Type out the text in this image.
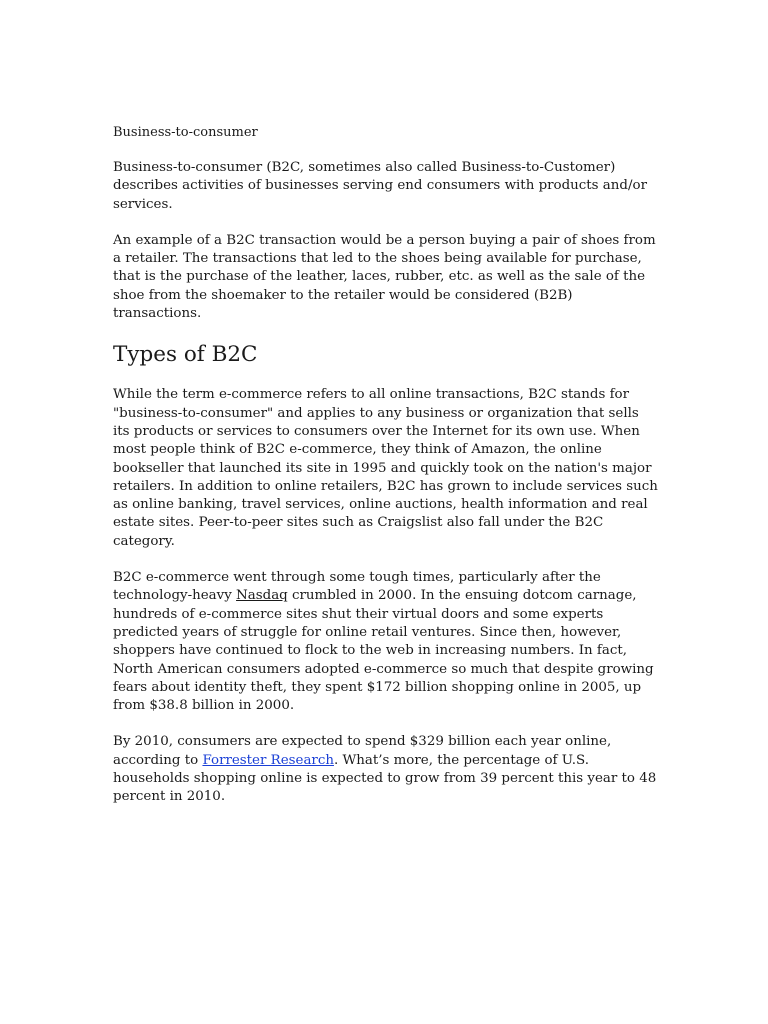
Business-to-consumer

Business-to-consumer (B2C, sometimes also called Business-to-Customer) describes activities of businesses serving end consumers with products and/or services.

An example of a B2C transaction would be a person buying a pair of shoes from a retailer. The transactions that led to the shoes being available for purchase, that is the purchase of the leather, laces, rubber, etc. as well as the sale of the shoe from the shoemaker to the retailer would be considered (B2B) transactions.

Types of B2C

While the term e-commerce refers to all online transactions, B2C stands for "business-to-consumer" and applies to any business or organization that sells its products or services to consumers over the Internet for its own use. When most people think of B2C e-commerce, they think of Amazon, the online bookseller that launched its site in 1995 and quickly took on the nation's major retailers. In addition to online retailers, B2C has grown to include services such as online banking, travel services, online auctions, health information and real estate sites. Peer-to-peer sites such as Craigslist also fall under the B2C category.

B2C e-commerce went through some tough times, particularly after the technology-heavy Nasdaq crumbled in 2000. In the ensuing dotcom carnage, hundreds of e-commerce sites shut their virtual doors and some experts predicted years of struggle for online retail ventures. Since then, however, shoppers have continued to flock to the web in increasing numbers. In fact, North American consumers adopted e-commerce so much that despite growing fears about identity theft, they spent $172 billion shopping online in 2005, up from $38.8 billion in 2000.

By 2010, consumers are expected to spend $329 billion each year online, according to Forrester Research. What’s more, the percentage of U.S. households shopping online is expected to grow from 39 percent this year to 48 percent in 2010.
